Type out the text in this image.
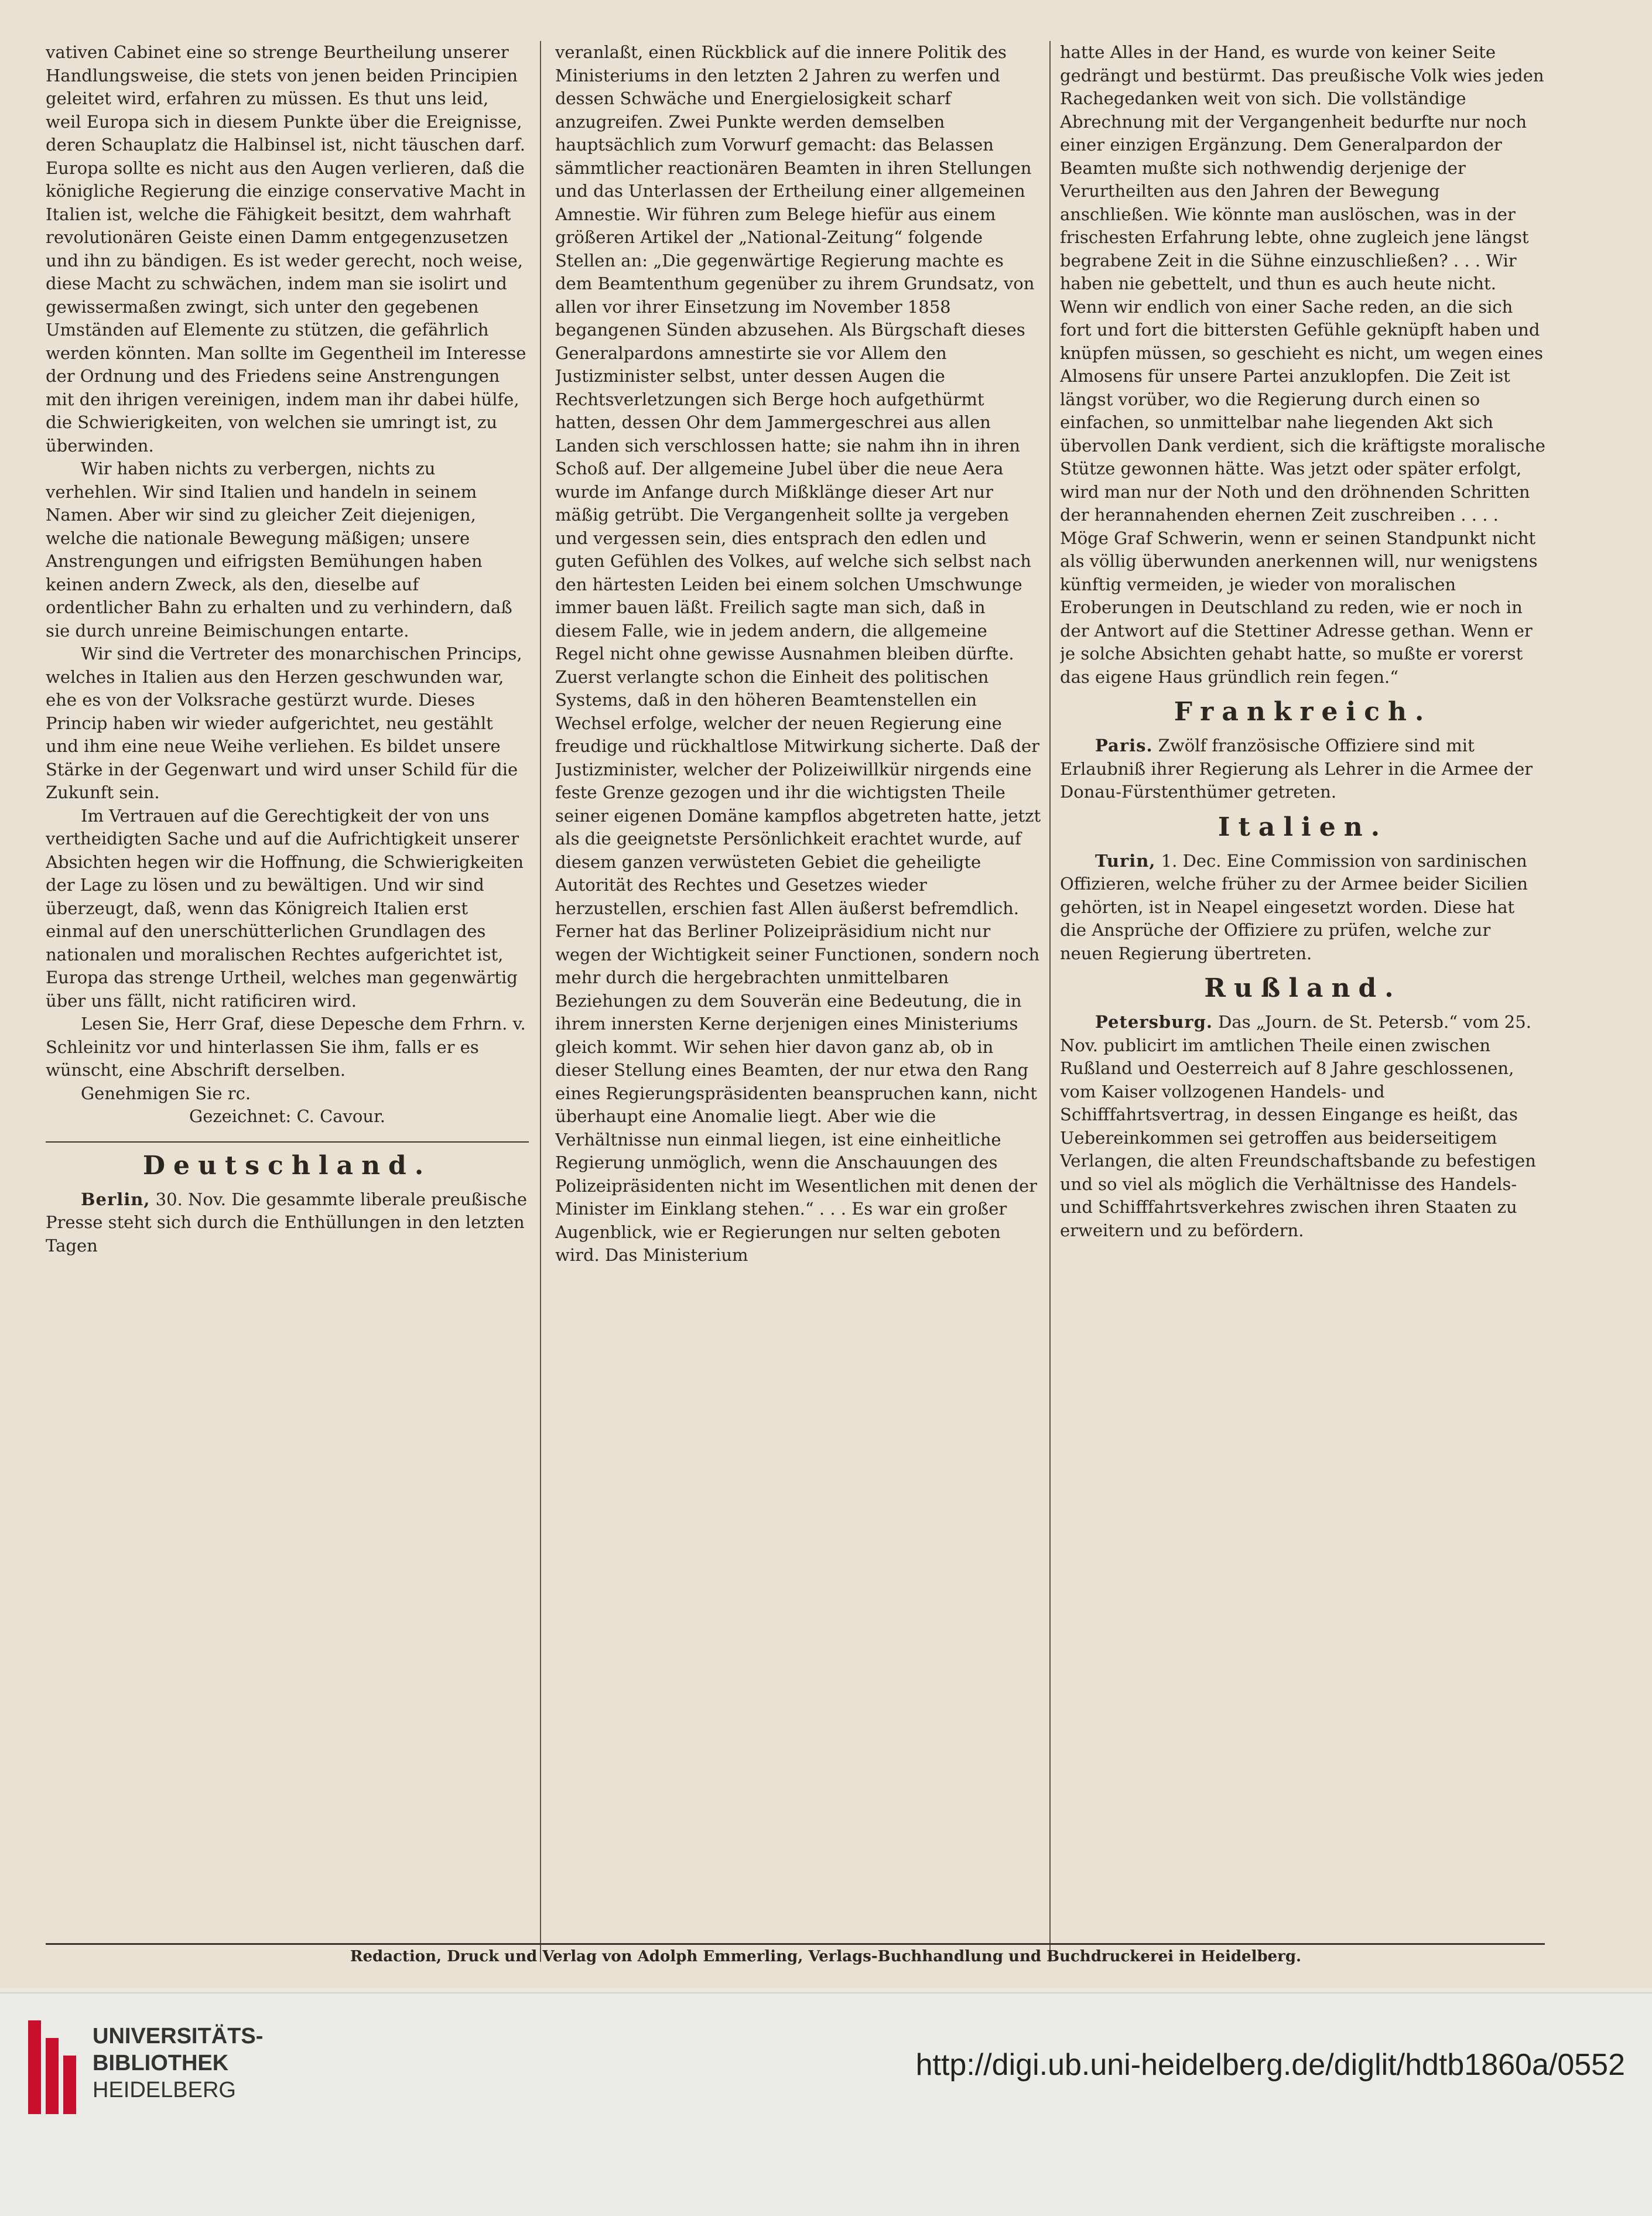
vativen Cabinet eine so strenge Beurtheilung unserer Handlungsweise, die stets von jenen beiden Principien geleitet wird, erfahren zu müssen. Es thut uns leid, weil Europa sich in diesem Punkte über die Ereignisse, deren Schauplatz die Halbinsel ist, nicht täuschen darf. Europa sollte es nicht aus den Augen verlieren, daß die königliche Regierung die einzige conservative Macht in Italien ist, welche die Fähigkeit besitzt, dem wahrhaft revolutionären Geiste einen Damm entgegenzusetzen und ihn zu bändigen. Es ist weder gerecht, noch weise, diese Macht zu schwächen, indem man sie isolirt und gewissermaßen zwingt, sich unter den gegebenen Umständen auf Elemente zu stützen, die gefährlich werden könnten. Man sollte im Gegentheil im Interesse der Ordnung und des Friedens seine Anstrengungen mit den ihrigen vereinigen, indem man ihr dabei hülfe, die Schwierigkeiten, von welchen sie umringt ist, zu überwinden.

Wir haben nichts zu verbergen, nichts zu verhehlen. Wir sind Italien und handeln in seinem Namen. Aber wir sind zu gleicher Zeit diejenigen, welche die nationale Bewegung mäßigen; unsere Anstrengungen und eifrigsten Bemühungen haben keinen andern Zweck, als den, dieselbe auf ordentlicher Bahn zu erhalten und zu verhindern, daß sie durch unreine Beimischungen entarte.

Wir sind die Vertreter des monarchischen Princips, welches in Italien aus den Herzen geschwunden war, ehe es von der Volksrache gestürzt wurde. Dieses Princip haben wir wieder aufgerichtet, neu gestählt und ihm eine neue Weihe verliehen. Es bildet unsere Stärke in der Gegenwart und wird unser Schild für die Zukunft sein.

Im Vertrauen auf die Gerechtigkeit der von uns vertheidigten Sache und auf die Aufrichtigkeit unserer Absichten hegen wir die Hoffnung, die Schwierigkeiten der Lage zu lösen und zu bewältigen. Und wir sind überzeugt, daß, wenn das Königreich Italien erst einmal auf den unerschütterlichen Grundlagen des nationalen und moralischen Rechtes aufgerichtet ist, Europa das strenge Urtheil, welches man gegenwärtig über uns fällt, nicht ratificiren wird.

Lesen Sie, Herr Graf, diese Depesche dem Frhrn. v. Schleinitz vor und hinterlassen Sie ihm, falls er es wünscht, eine Abschrift derselben.

Genehmigen Sie rc.

Gezeichnet: C. Cavour.

Deutschland.

Berlin, 30. Nov. Die gesammte liberale preußische Presse steht sich durch die Enthüllungen in den letzten Tagen

veranlaßt, einen Rückblick auf die innere Politik des Ministeriums in den letzten 2 Jahren zu werfen und dessen Schwäche und Energielosigkeit scharf anzugreifen. Zwei Punkte werden demselben hauptsächlich zum Vorwurf gemacht: das Belassen sämmtlicher reactionären Beamten in ihren Stellungen und das Unterlassen der Ertheilung einer allgemeinen Amnestie. Wir führen zum Belege hiefür aus einem größeren Artikel der „National-Zeitung“ folgende Stellen an: „Die gegenwärtige Regierung machte es dem Beamtenthum gegenüber zu ihrem Grundsatz, von allen vor ihrer Einsetzung im November 1858 begangenen Sünden abzusehen. Als Bürgschaft dieses Generalpardons amnestirte sie vor Allem den Justizminister selbst, unter dessen Augen die Rechtsverletzungen sich Berge hoch aufgethürmt hatten, dessen Ohr dem Jammergeschrei aus allen Landen sich verschlossen hatte; sie nahm ihn in ihren Schoß auf. Der allgemeine Jubel über die neue Aera wurde im Anfange durch Mißklänge dieser Art nur mäßig getrübt. Die Vergangenheit sollte ja vergeben und vergessen sein, dies entsprach den edlen und guten Gefühlen des Volkes, auf welche sich selbst nach den härtesten Leiden bei einem solchen Umschwunge immer bauen läßt. Freilich sagte man sich, daß in diesem Falle, wie in jedem andern, die allgemeine Regel nicht ohne gewisse Ausnahmen bleiben dürfte. Zuerst verlangte schon die Einheit des politischen Systems, daß in den höheren Beamtenstellen ein Wechsel erfolge, welcher der neuen Regierung eine freudige und rückhaltlose Mitwirkung sicherte. Daß der Justizminister, welcher der Polizeiwillkür nirgends eine feste Grenze gezogen und ihr die wichtigsten Theile seiner eigenen Domäne kampflos abgetreten hatte, jetzt als die geeignetste Persönlichkeit erachtet wurde, auf diesem ganzen verwüsteten Gebiet die geheiligte Autorität des Rechtes und Gesetzes wieder herzustellen, erschien fast Allen äußerst befremdlich. Ferner hat das Berliner Polizeipräsidium nicht nur wegen der Wichtigkeit seiner Functionen, sondern noch mehr durch die hergebrachten unmittelbaren Beziehungen zu dem Souverän eine Bedeutung, die in ihrem innersten Kerne derjenigen eines Ministeriums gleich kommt. Wir sehen hier davon ganz ab, ob in dieser Stellung eines Beamten, der nur etwa den Rang eines Regierungspräsidenten beanspruchen kann, nicht überhaupt eine Anomalie liegt. Aber wie die Verhältnisse nun einmal liegen, ist eine einheitliche Regierung unmöglich, wenn die Anschauungen des Polizeipräsidenten nicht im Wesentlichen mit denen der Minister im Einklang stehen.“ . . . Es war ein großer Augenblick, wie er Regierungen nur selten geboten wird. Das Ministerium

hatte Alles in der Hand, es wurde von keiner Seite gedrängt und bestürmt. Das preußische Volk wies jeden Rachegedanken weit von sich. Die vollständige Abrechnung mit der Vergangenheit bedurfte nur noch einer einzigen Ergänzung. Dem Generalpardon der Beamten mußte sich nothwendig derjenige der Verurtheilten aus den Jahren der Bewegung anschließen. Wie könnte man auslöschen, was in der frischesten Erfahrung lebte, ohne zugleich jene längst begrabene Zeit in die Sühne einzuschließen? . . . Wir haben nie gebettelt, und thun es auch heute nicht. Wenn wir endlich von einer Sache reden, an die sich fort und fort die bittersten Gefühle geknüpft haben und knüpfen müssen, so geschieht es nicht, um wegen eines Almosens für unsere Partei anzuklopfen. Die Zeit ist längst vorüber, wo die Regierung durch einen so einfachen, so unmittelbar nahe liegenden Akt sich übervollen Dank verdient, sich die kräftigste moralische Stütze gewonnen hätte. Was jetzt oder später erfolgt, wird man nur der Noth und den dröhnenden Schritten der herannahenden ehernen Zeit zuschreiben . . . . Möge Graf Schwerin, wenn er seinen Standpunkt nicht als völlig überwunden anerkennen will, nur wenigstens künftig vermeiden, je wieder von moralischen Eroberungen in Deutschland zu reden, wie er noch in der Antwort auf die Stettiner Adresse gethan. Wenn er je solche Absichten gehabt hatte, so mußte er vorerst das eigene Haus gründlich rein fegen.“

Frankreich.

Paris. Zwölf französische Offiziere sind mit Erlaubniß ihrer Regierung als Lehrer in die Armee der Donau-Fürstenthümer getreten.

Italien.

Turin, 1. Dec. Eine Commission von sardinischen Offizieren, welche früher zu der Armee beider Sicilien gehörten, ist in Neapel eingesetzt worden. Diese hat die Ansprüche der Offiziere zu prüfen, welche zur neuen Regierung übertreten.

Rußland.

Petersburg. Das „Journ. de St. Petersb.“ vom 25. Nov. publicirt im amtlichen Theile einen zwischen Rußland und Oesterreich auf 8 Jahre geschlossenen, vom Kaiser vollzogenen Handels- und Schifffahrtsvertrag, in dessen Eingange es heißt, das Uebereinkommen sei getroffen aus beiderseitigem Verlangen, die alten Freundschaftsbande zu befestigen und so viel als möglich die Verhältnisse des Handels- und Schifffahrtsverkehres zwischen ihren Staaten zu erweitern und zu befördern.

Redaction, Druck und Verlag von Adolph Emmerling, Verlags-Buchhandlung und Buchdruckerei in Heidelberg.
UNIVERSITÄTS-
BIBLIOTHEK
HEIDELBERG
http://digi.ub.uni-heidelberg.de/diglit/hdtb1860a/0552
